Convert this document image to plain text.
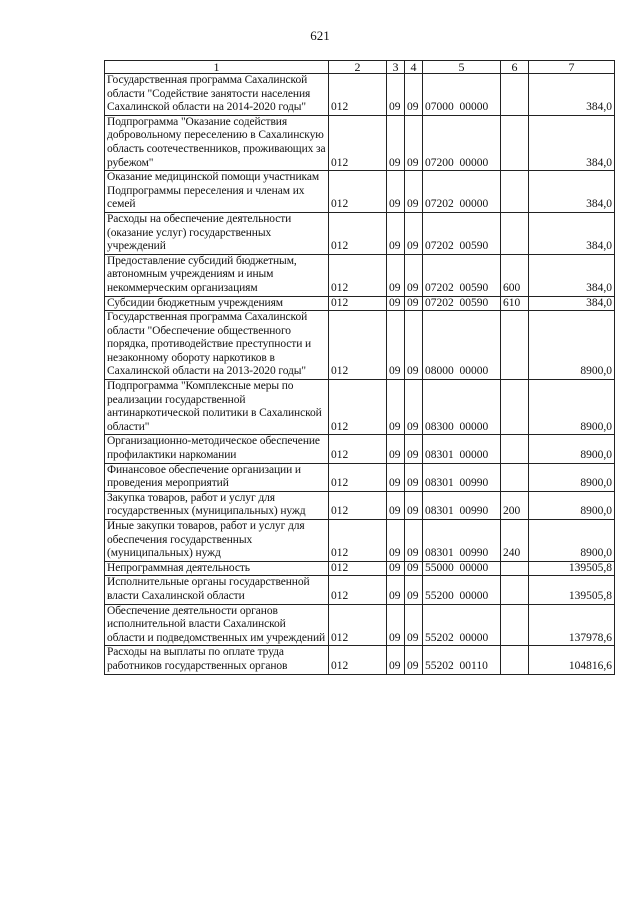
621
1	2	3	4	5	6	7
Государственная программа Сахалинской области "Содействие занятости населения Сахалинской области на 2014-2020 годы"	012	09	09	07000  00000		384,0
Подпрограмма "Оказание содействия добровольному переселению в Сахалинскую область соотечественников, проживающих за рубежом"	012	09	09	07200  00000		384,0
Оказание медицинской помощи участникам Подпрограммы переселения и членам их семей	012	09	09	07202  00000		384,0
Расходы на обеспечение деятельности (оказание услуг) государственных учреждений	012	09	09	07202  00590		384,0
Предоставление субсидий бюджетным, автономным учреждениям и иным некоммерческим организациям	012	09	09	07202  00590	600	384,0
Субсидии бюджетным учреждениям	012	09	09	07202  00590	610	384,0
Государственная программа Сахалинской области "Обеспечение общественного порядка, противодействие преступности и незаконному обороту наркотиков в Сахалинской области на 2013-2020 годы"	012	09	09	08000  00000		8900,0
Подпрограмма "Комплексные меры по реализации государственной антинаркотической политики в Сахалинской области"	012	09	09	08300  00000		8900,0
Организационно-методическое обеспечение профилактики наркомании	012	09	09	08301  00000		8900,0
Финансовое обеспечение организации и проведения мероприятий	012	09	09	08301  00990		8900,0
Закупка товаров, работ и услуг для государственных (муниципальных) нужд	012	09	09	08301  00990	200	8900,0
Иные закупки товаров, работ и услуг для обеспечения государственных (муниципальных) нужд	012	09	09	08301  00990	240	8900,0
Непрограммная деятельность	012	09	09	55000  00000		139505,8
Исполнительные органы государственной власти Сахалинской области	012	09	09	55200  00000		139505,8
Обеспечение деятельности органов исполнительной власти Сахалинской области и подведомственных им учреждений	012	09	09	55202  00000		137978,6
Расходы на выплаты по оплате труда работников государственных органов	012	09	09	55202  00110		104816,6
